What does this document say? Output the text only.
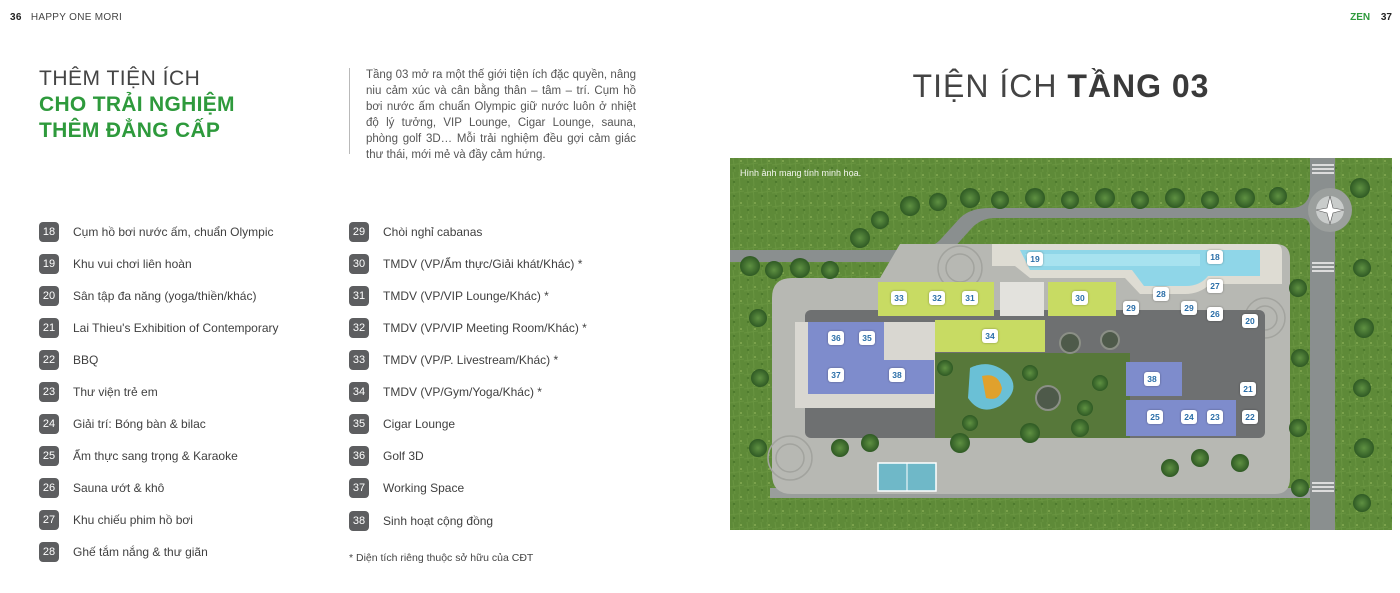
36 HAPPY ONE MORI	ZEN 37
THÊM TIỆN ÍCH
CHO TRẢI NGHIỆM
THÊM ĐẲNG CẤP

Tầng 03 mở ra một thế giới tiện ích đặc quyền, nâng niu cảm xúc và cân bằng thân – tâm – trí. Cụm hồ bơi nước ấm chuẩn Olympic giữ nước luôn ở nhiệt độ lý tưởng, VIP Lounge, Cigar Lounge, sauna, phòng golf 3D… Mỗi trải nghiệm đều gợi cảm giác thư thái, mới mẻ và đầy cảm hứng.

TIỆN ÍCH TẦNG 03
18	Cụm hồ bơi nước ấm, chuẩn Olympic
19	Khu vui chơi liên hoàn
20	Sân tập đa năng (yoga/thiền/khác)
21	Lai Thieu's Exhibition of Contemporary
22	BBQ
23	Thư viện trẻ em
24	Giải trí: Bóng bàn & bilac
25	Ẩm thực sang trọng & Karaoke
26	Sauna ướt & khô
27	Khu chiếu phim hồ bơi
28	Ghế tắm nắng & thư giãn
29	Chòi nghỉ cabanas
30	TMDV (VP/Ẩm thực/Giải khát/Khác) *
31	TMDV (VP/VIP Lounge/Khác) *
32	TMDV (VP/VIP Meeting Room/Khác) *
33	TMDV (VP/P. Livestream/Khác) *
34	TMDV (VP/Gym/Yoga/Khác) *
35	Cigar Lounge
36	Golf 3D
37	Working Space
38	Sinh hoạt cộng đồng
* Diện tích riêng thuộc sở hữu của CĐT
Hình ảnh mang tính minh họa.
19	18
27
28
29	29
26
20
33	32	31	30
36	35	34
37	38	38
21
25	24	23	22
